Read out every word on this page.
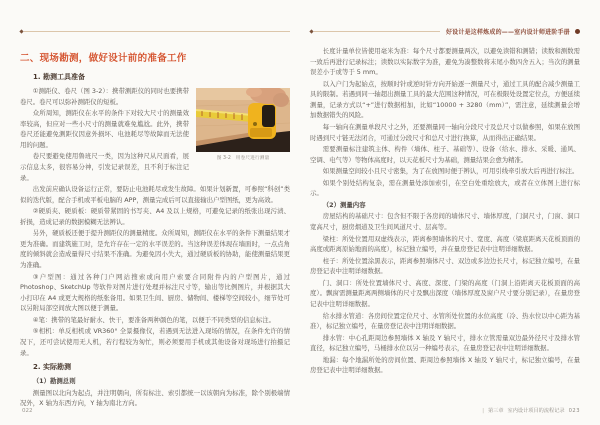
二、现场勘测，做好设计前的准备工作
1. 勘测工具准备
图 3-2　用卷尺进行测量

①测距仪、卷尺（图 3-2）：携带测距仪的同时也要携带卷尺。卷尺可以弥补测距仪的短板。

众所周知，测距仪在水平的条件下对较大尺寸的测量效率较高，但应对一些小尺寸的测量就难免尴尬。此外，携带卷尺还能避免测距仪因意外损坏、电池耗尽等故障而无法使用的问题。

卷尺要避免使用鲁班尺一类，因为这种尺从尺面看，展示信息太多，很容易分神，引发记录误差，且不利于标注记录。

出发前应确认设备运行正常，要防止电池耗尽或发生故障。如果计划新置，可参照“科创”类似的迭代版，配合手机或平板电脑的 APP，测量完成后可以直接输出户型图纸，更为高效。

②硬质夹、硬质板：硬质带紧固的书写夹、A4 及以上规格，可避免记录的纸张出现污渍、折损，造成记录的数据模糊无法辨认。

另外，硬质板还便于提升测距仪的测量精度。众所周知，测距仪在水平的条件下测量结果才更为准确。而建筑施工时，是允许存在一定的水平误差的。当这种误差体现在墙面时，一点点角度的倾斜就会造成量得尺寸结果不准确。为避免因小失大，通过硬质板的协助，能使测量结果更为准确。

③户型图：通过各种门户网站搜索或向用户索要合同附件内的户型图片，通过 Photoshop、SketchUp 等软件对图片进行处理并标注尺寸等，输出等比例图片，并根据其大小打印在 A4 或更大规格的纸张备用。如果卫生间、厨房、储物间、楼梯等空间较小，细节处可以另附局部空间放大图以便于测量。

④笔：携带的笔最好耐水、快干，要准备两种颜色的笔，以便于不同类型的信息标注。

⑤相机：单反相机或 VR360° 全景摄像仪，若遇到无法进入现场的情况，在条件允许的情况下，还可尝试使用无人机，若行程较为匆忙，则必须要用手机或其他设备对现场进行拍摄记录。

2. 实际勘测
（1）勘测总则

测量图以北向为起点，并注明朝向，所有标注、索引都统一以该朝向为标准，除个别极端情况外，X 轴为东西方向，Y 轴为南北方向。

022
好设计是这样炼成的——室内设计师进阶手册

长度计量单位皆使用毫米为准：每个尺寸都要测量两次，以避免读错和测错；读数和测数需一致后再进行记录标注；读数以实际数字为准，避免为凑整数将末尾小数四舍五入；当次的测量误差小于或等于 5 mm。

以入户门为起始点，按顺时针或逆时针方向开始逐一测量尺寸，通过工具的配合减少测量工具的限制。若遇到同一轴超出测量工具的最大范围这种情况，可在极限处设置定位点，方便延续测量，记录方式以“+”进行数据相加，比如“10000 + 3280（mm）”，需注意，延续测量会增加数据错失的风险。

每一轴向在测量单段尺寸之外，还要测量同一轴向分段尺寸及总尺寸以做参照，如果在放图时遇到尺寸链无法闭合，可通过分段尺寸和总尺寸进行换算，从而得出正确结果。

需要测量标注建筑主体、构件（墙体、柱子、基础等）、设备（给水、排水、采暖、通风、空调、电气等）等物体高度时，以天花板尺寸为基础，测量结果会愈为精准。

如果测量空间较小且尺寸密集，为了在放图时便于辨认，可用引线牵引放大后再进行标注。

如果个别处结构复杂，需在测量处添加索引，在空白处重绘放大，或者在立体图上进行标示。

（2）测量内容

房屋结构的基础尺寸：包含但不限于各房间的墙体尺寸、墙体厚度，门洞尺寸，门窗、洞口宽高尺寸，厨房烟道及卫生间风道尺寸、层高等。

梁柱：所处位置用双虚线表示，距离参照墙体的尺寸、宽度、高度（梁底距离天花板顶面的高度或距离原始地面的高度），标记独立编号，并在量房登记表中注明详细数据。

柱子：所处位置涂黑表示，距离参照墙体尺寸、双边或多边边长尺寸，标记独立编号，在量房登记表中注明详细数据。

门、洞口：所处位置墙体尺寸、高度、深度、门梁的高度（门洞上沿距离天花板顶面的高度）。飘窗需测量距离两侧墙体的尺寸及飘出深度（墙体厚度及窗户尺寸要分别记录），在量房登记表中注明详细数据。

给水排水管道：各房间位置定位尺寸、水管所处位置的水位高度（冷、热水位以中心距为基准），标记独立编号，在量房登记表中注明详细数据。

排水管：中心孔距周边参照墙体 X 轴及 Y 轴尺寸，排水立管需量双边最外径尺寸及排水管直径，标记独立编号，马桶排水位以另一种编号表示，在量房登记表中注明详细数据。

地漏：每个地漏所处的房间位置、距周边参照墙体 X 轴及 Y 轴尺寸，标记独立编号，在量房登记表中注明详细数据。

| 第三章 室内设计项目的流程记录 023
